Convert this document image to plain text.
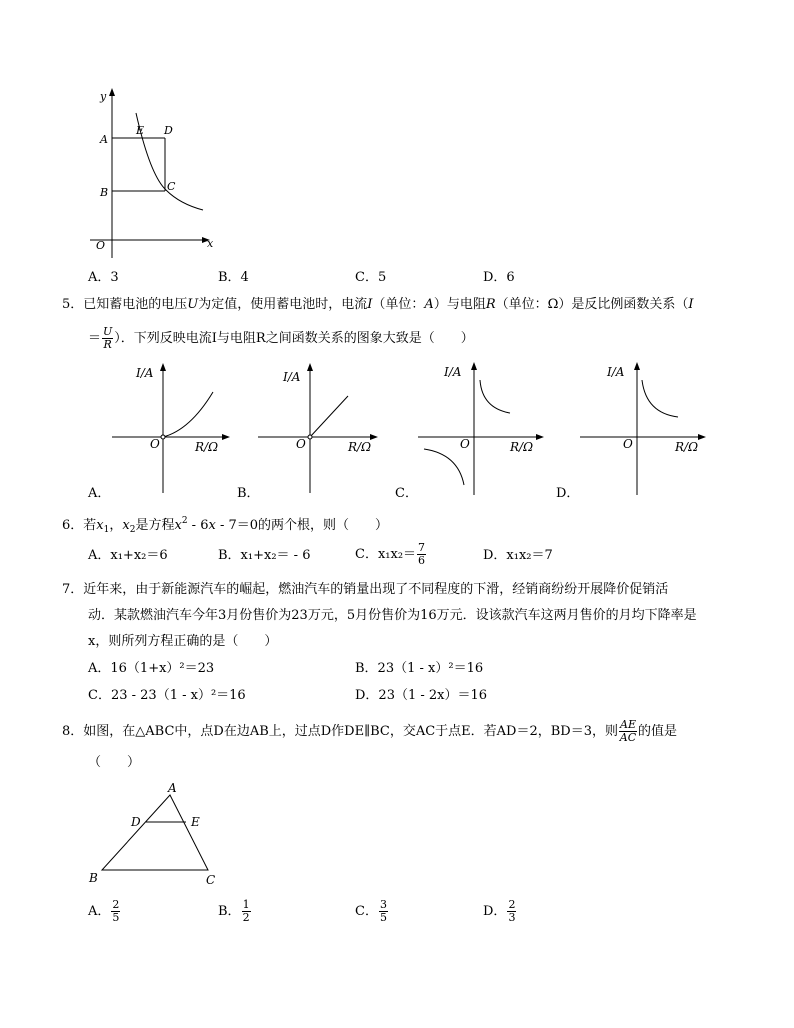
y
x
O
A
B	C
D
E
A．3	B．4	C．5	D．6
5．已知蓄电池的电压U为定值，使用蓄电池时，电流I（单位：A）与电阻R（单位：Ω）是反比例函数关系（I
＝ $\frac{U}{R}$ ）．下列反映电流I与电阻R之间函数关系的图象大致是（　　）
I/A
R/Ω
O
I/A
R/Ω
O
I/A
R/Ω
O
I/A
R/Ω
O
A．	B．	C．	D．
6．若$x_1$，$x_2$是方程$x^2 - 6x - 7=0$的两个根，则（　　）
A．x₁+x₂＝6	B．x₁+x₂＝ - 6	C．$x_1x_2= \frac{7}{6}$	D．x₁x₂＝7
7．近年来，由于新能源汽车的崛起，燃油汽车的销量出现了不同程度的下滑，经销商纷纷开展降价促销活
动．某款燃油汽车今年3月份售价为23万元，5月份售价为16万元．设该款汽车这两月售价的月均下降率是
x，则所列方程正确的是（　　）
A．16（1+x）²＝23	B．23（1 - x）²＝16
C．23 - 23（1 - x）²＝16	D．23（1 - 2x）＝16
8．如图，在△ABC中，点D在边AB上，过点D作DE∥BC，交AC于点E．若AD＝2，BD＝3，则 $\frac{AE}{AC}$ 的值是
（　　）
A
B	C
D	E
A． $\frac{2}{5}$	B． $\frac{1}{2}$	C． $\frac{3}{5}$	D． $\frac{2}{3}$
